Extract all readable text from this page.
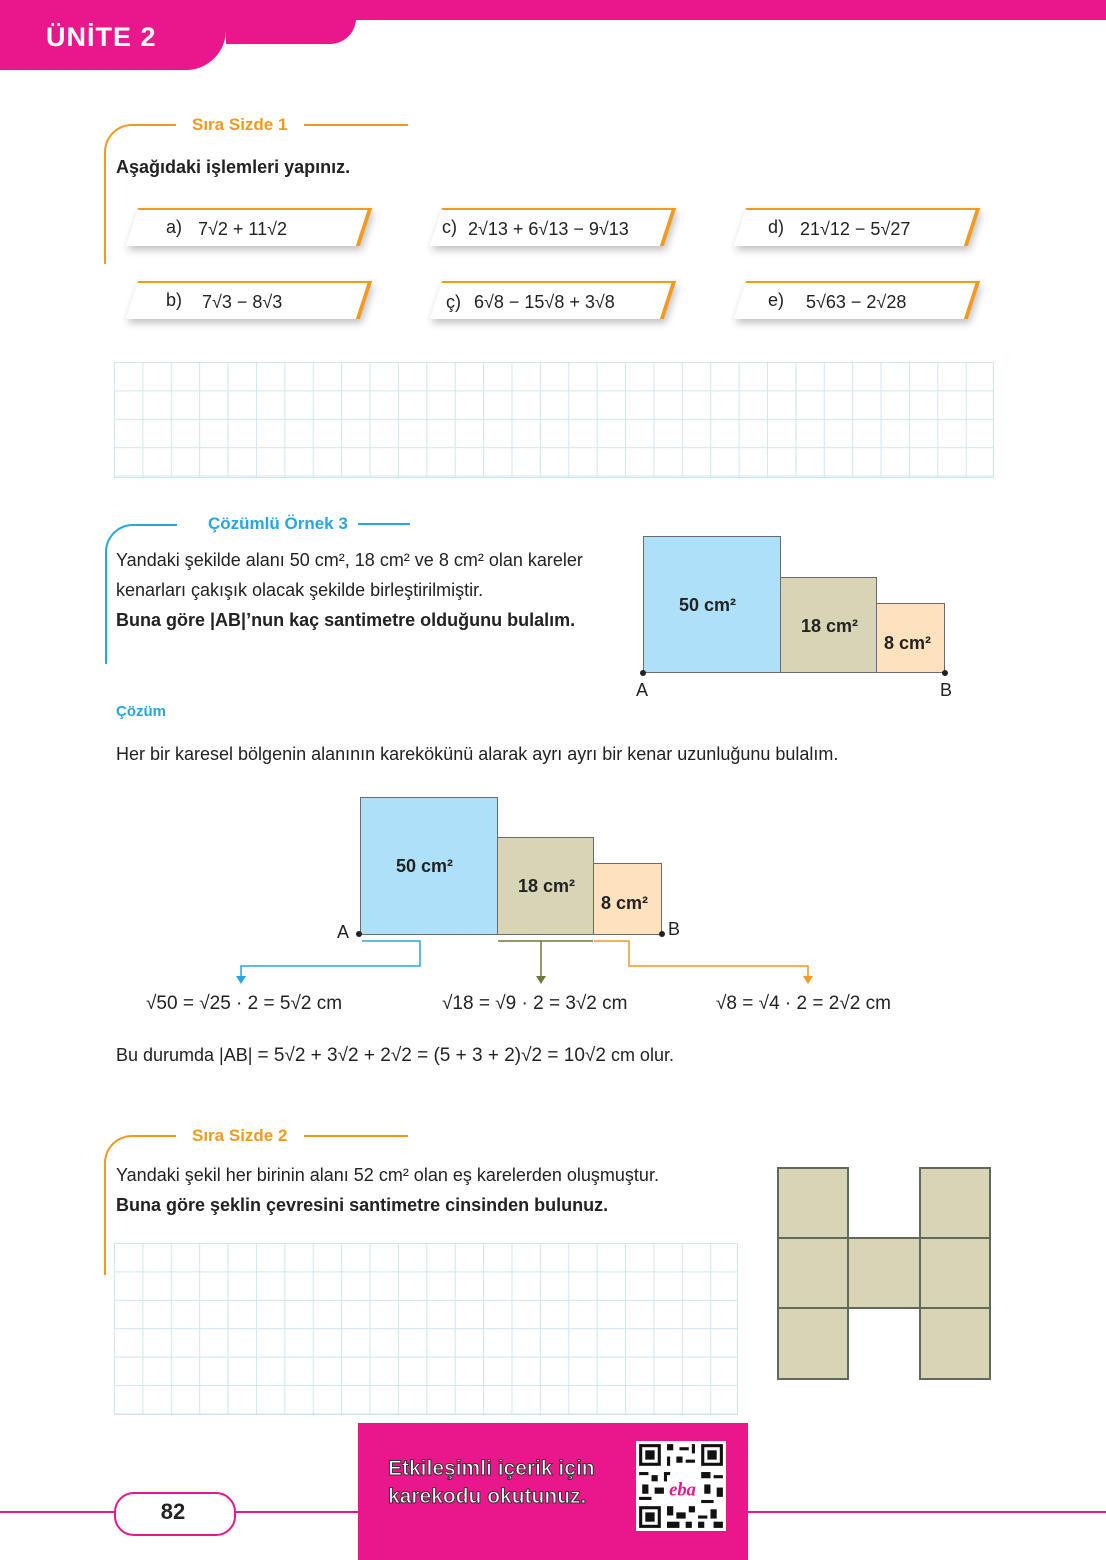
ÜNİTE 2
Sıra Sizde 1
Aşağıdaki işlemleri yapınız.
a) 7√2 + 11√2	c) 2√13 + 6√13 − 9√13	d) 21√12 − 5√27
b) 7√3 − 8√3	ç) 6√8 − 15√8 + 3√8	e) 5√63 − 2√28
Çözümlü Örnek 3
Yandaki şekilde alanı 50 cm², 18 cm² ve 8 cm² olan kareler
kenarları çakışık olacak şekilde birleştirilmiştir.
Buna göre |AB|’nun kaç santimetre olduğunu bulalım.
50 cm²
18 cm²
8 cm²
A	B
Çözüm
Her bir karesel bölgenin alanının karekökünü alarak ayrı ayrı bir kenar uzunluğunu bulalım.
50 cm²
18 cm²
8 cm²
A	B
√50 = √25 · 2 = 5√2 cm	√18 = √9 · 2 = 3√2 cm	√8 = √4 · 2 = 2√2 cm
Bu durumda |AB| = 5√2 + 3√2 + 2√2 = (5 + 3 + 2)√2 = 10√2 cm olur.
Sıra Sizde 2
Yandaki şekil her birinin alanı 52 cm² olan eş karelerden oluşmuştur.
Buna göre şeklin çevresini santimetre cinsinden bulunuz.
82
Etkileşimli içerik için
karekodu okutunuz.	eba
